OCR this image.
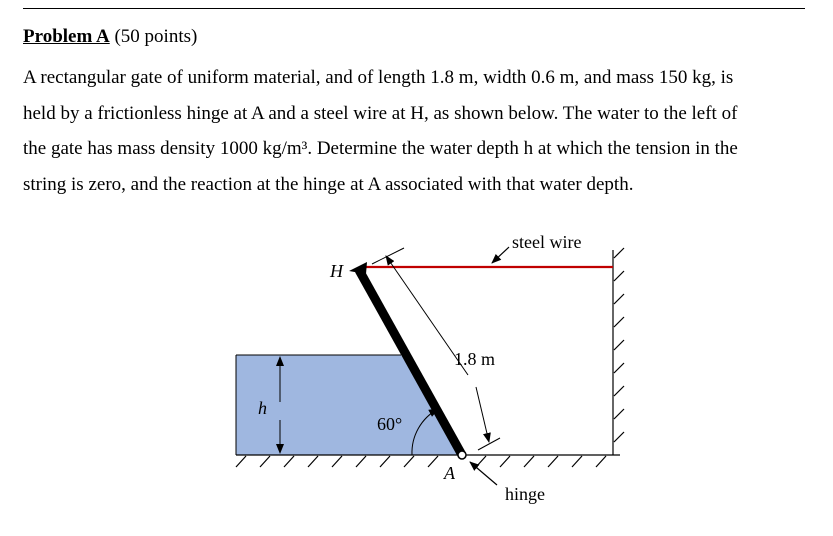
Problem A (50 points)
A rectangular gate of uniform material, and of length 1.8 m, width 0.6 m, and mass 150 kg, is
held by a frictionless hinge at A and a steel wire at H, as shown below. The water to the left of
the gate has mass density 1000 kg/m³. Determine the water depth h at which the tension in the
string is zero, and the reaction at the hinge at A associated with that water depth.
steel wire
1.8 m
h
60°
H
A
hinge
